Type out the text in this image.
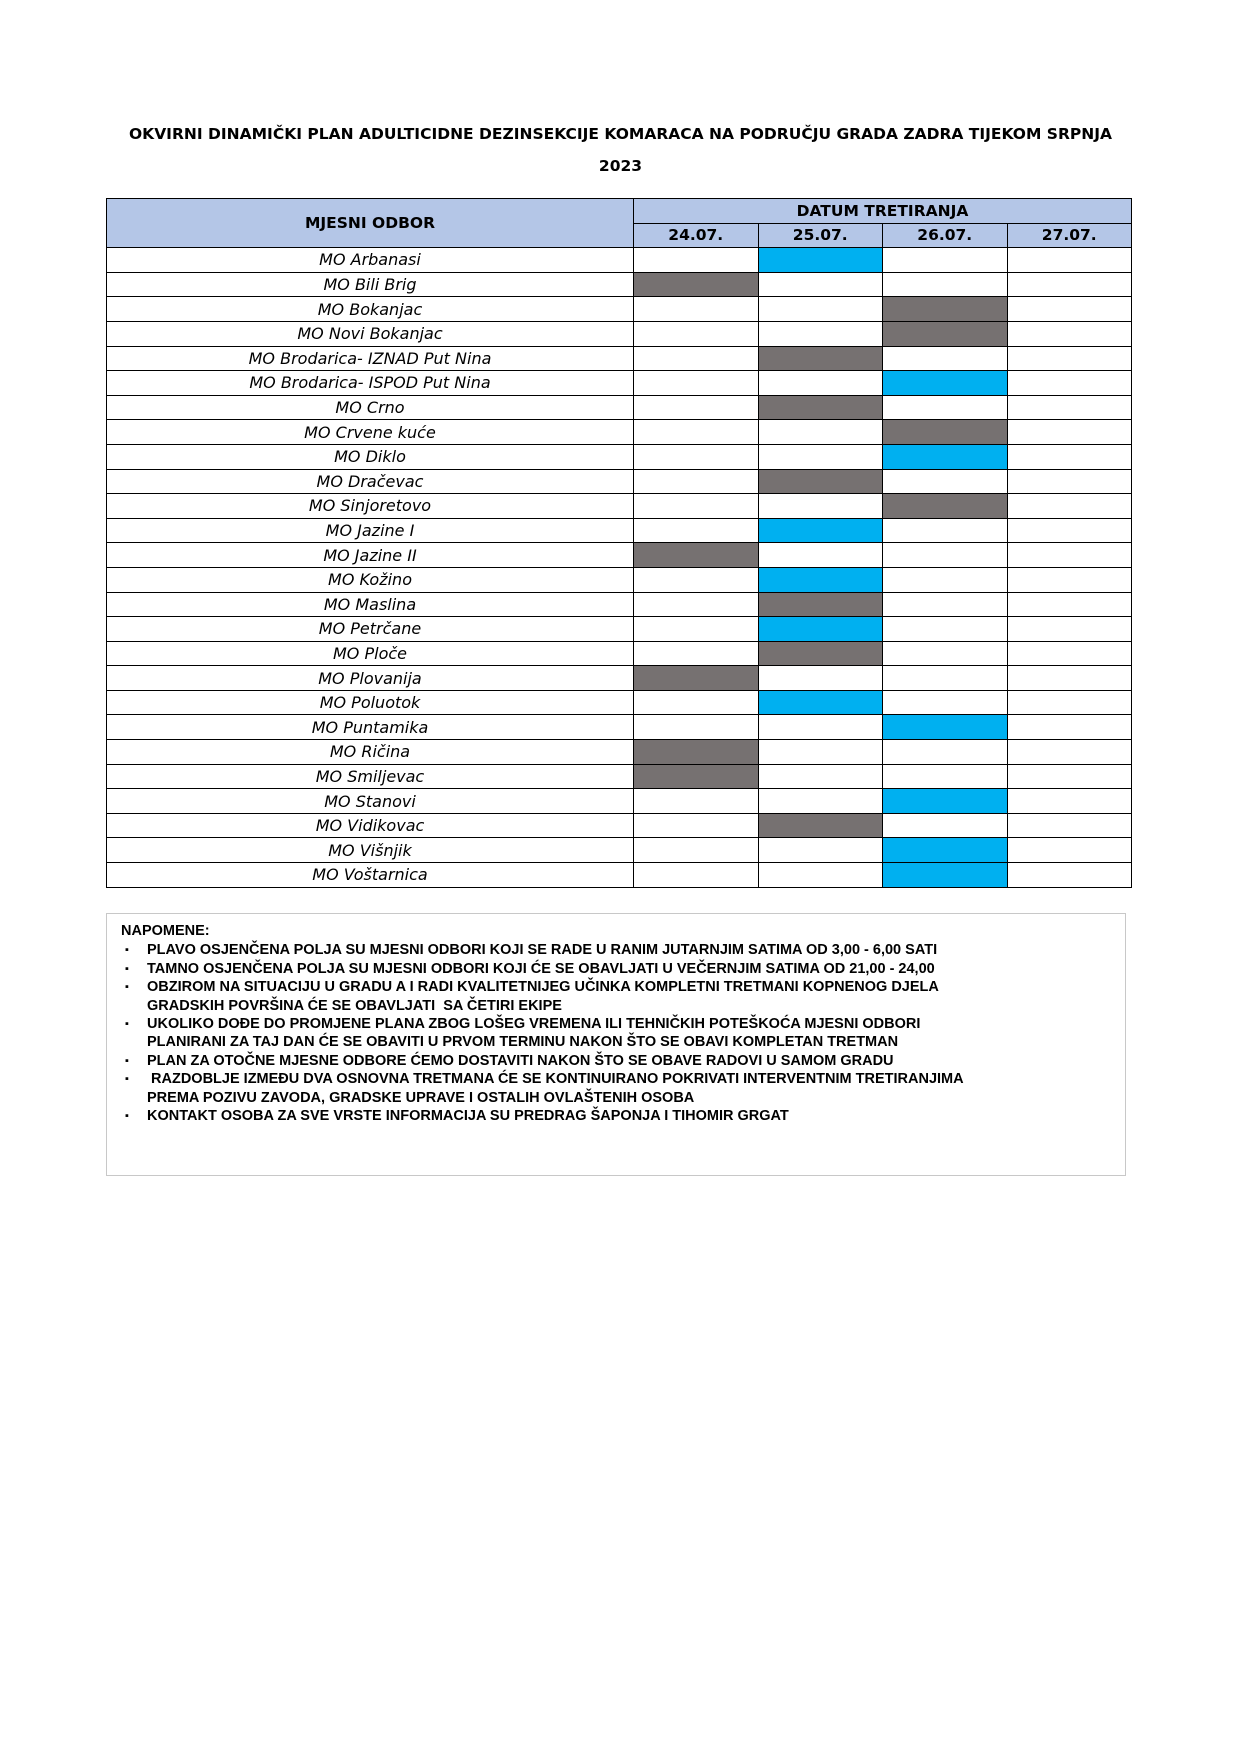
OKVIRNI DINAMIČKI PLAN ADULTICIDNE DEZINSEKCIJE KOMARACA NA PODRUČJU GRADA ZADRA TIJEKOM SRPNJA
2023
MJESNI ODBOR	DATUM TRETIRANJA			
	24.07.	25.07.	26.07.	27.07.
MO Arbanasi				
MO Bili Brig				
MO Bokanjac				
MO Novi Bokanjac				
MO Brodarica- IZNAD Put Nina				
MO Brodarica- ISPOD Put Nina				
MO Crno				
MO Crvene kuće				
MO Diklo				
MO Dračevac				
MO Sinjoretovo				
MO Jazine I				
MO Jazine II				
MO Kožino				
MO Maslina				
MO Petrčane				
MO Ploče				
MO Plovanija				
MO Poluotok				
MO Puntamika				
MO Ričina				
MO Smiljevac				
MO Stanovi				
MO Vidikovac				
MO Višnjik				
MO Voštarnica				
NAPOMENE:
▪ PLAVO OSJENČENA POLJA SU MJESNI ODBORI KOJI SE RADE U RANIM JUTARNJIM SATIMA OD 3,00 - 6,00 SATI
▪ TAMNO OSJENČENA POLJA SU MJESNI ODBORI KOJI ĆE SE OBAVLJATI U VEČERNJIM SATIMA OD 21,00 - 24,00
▪ OBZIROM NA SITUACIJU U GRADU A I RADI KVALITETNIJEG UČINKA KOMPLETNI TRETMANI KOPNENOG DJELA
GRADSKIH POVRŠINA ĆE SE OBAVLJATI  SA ČETIRI EKIPE
▪ UKOLIKO DOĐE DO PROMJENE PLANA ZBOG LOŠEG VREMENA ILI TEHNIČKIH POTEŠKOĆA MJESNI ODBORI
PLANIRANI ZA TAJ DAN ĆE SE OBAVITI U PRVOM TERMINU NAKON ŠTO SE OBAVI KOMPLETAN TRETMAN
▪ PLAN ZA OTOČNE MJESNE ODBORE ĆEMO DOSTAVITI NAKON ŠTO SE OBAVE RADOVI U SAMOM GRADU
▪ RAZDOBLJE IZMEĐU DVA OSNOVNA TRETMANA ĆE SE KONTINUIRANO POKRIVATI INTERVENTNIM TRETIRANJIMA
PREMA POZIVU ZAVODA, GRADSKE UPRAVE I OSTALIH OVLAŠTENIH OSOBA
▪ KONTAKT OSOBA ZA SVE VRSTE INFORMACIJA SU PREDRAG ŠAPONJA I TIHOMIR GRGAT
